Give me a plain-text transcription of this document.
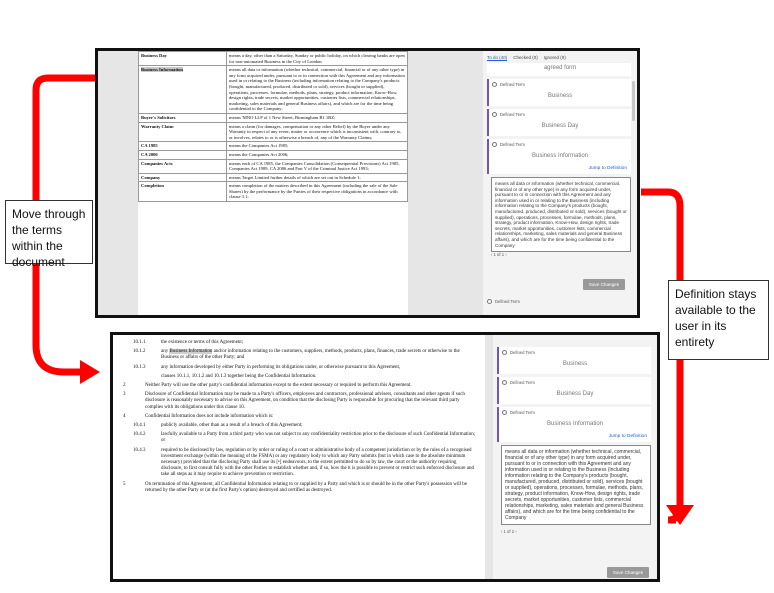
Move through the terms within the document
Definition stays available to the user in its entirety
Business Day	means a day, other than a Saturday, Sunday or public holiday, on which clearing banks are open for non-automated Business in the City of London.
Business Information	means all data or information (whether technical, commercial, financial or of any other type) in any form acquired under, pursuant to or in connection with this Agreement and any information used in or relating to the Business (including information relating to the Company's products (bought, manufactured, produced, distributed or sold), services (bought or supplied), operations, processes, formulae, methods, plans, strategy, product information, Know-How, design rights, trade secrets, market opportunities, customer lists, commercial relationships, marketing, sales materials and general Business affairs), and which are for the time being confidential to the Company;
Buyer's Solicitors	means 'MNO LLP of 1 New Street, Birmingham B1 1BZ;
Warranty Claim	means a claim (for damages, compensation or any other Relief) by the Buyer under any Warranty in respect of any event, matter or occurrence which is inconsistent with, contrary to, or involves, relates to or is otherwise a breach of, any of the Warranty Claims;
CA 1985	means the Companies Act 1985;
CA 2006	means the Companies Act 2006;
Companies Acts	means each of CA 1985, the Companies Consolidation (Consequential Provisions) Act 1985, Companies Act 1989, CA 2006 and Part V of the Criminal Justice Act 1993;
Company	means Target Limited further details of which are set out in Schedule 1;
Completion	means completion of the matters described in this Agreement (including the sale of the Sale Shares) by the performance by the Parties of their respective obligations in accordance with clause 3.1;
To do (40) Checked (0) Ignored (0)
agreed form
Defined Term
Business
Defined Term
Business Day
Defined Term
Business Information
Jump to Definition
means all data or information (whether technical, commercial, financial or of any other type) in any form acquired under, pursuant to or in connection with this Agreement and any information used in or relating to the Business (including information relating to the Company's products (bought, manufactured, produced, distributed or sold), services (bought or supplied), operations, processes, formulae, methods, plans, strategy, product information, Know-How, design rights, trade secrets, market opportunities, customer lists, commercial relationships, marketing, sales materials and general Business affairs), and which are for the time being confidential to the Company
‹ 1 of 1 ›
Save Changes
Defined Term
10.1.1	the existence or terms of this Agreement;
10.1.2	any Business Information and/or information relating to the customers, suppliers, methods, products, plans, finances, trade secrets or otherwise to the Business or affairs of the other Party; and
10.1.3	any information developed by either Party in performing its obligations under, or otherwise pursuant to this Agreement,
clauses 10.1.1, 10.1.2 and 10.1.3 together being the Confidential Information.
2	Neither Party will use the other party's confidential information except to the extent necessary or required to perform this Agreement.
3	Disclosure of Confidential Information may be made to a Party's officers, employees and contractors, professional advisers, consultants and other agents if such disclosure is reasonably necessary to advise on this Agreement, on condition that the disclosing Party is responsible for procuring that the relevant third party complies with its obligations under this clause 10.
4	Confidential Information does not include information which is:
10.4.1	publicly available, other than as a result of a breach of this Agreement;
10.4.2	lawfully available to a Party from a third party who was not subject to any confidentiality restriction prior to the disclosure of such Confidential Information; or
10.4.3	required to be disclosed by law, regulation or by order or ruling of a court or administrative body of a competent jurisdiction or by the rules of a recognised investment exchange (within the meaning of the FSMA) or any regulatory body to which any Party submits (but in which case to the absolute minimum necessary) provided that the disclosing Party shall use its [•] endeavours, to the extent permitted to do so by law, the court or the authority requiring disclosure, to first consult fully with the other Parties to establish whether and, if so, how the it is possible to prevent or restrict such enforced disclosure and take all steps as it may require to achieve prevention or restriction.
5	On termination of this Agreement, all Confidential Information relating to or supplied by a Party and which is or should be in the other Party's possession will be returned by the other Party or (at the first Party's option) destroyed and certified as destroyed.
Defined Term
Business
Defined Term
Business Day
Defined Term
Business Information
Jump to Definition
means all data or information (whether technical, commercial, financial or of any other type) in any form acquired under, pursuant to or in connection with this Agreement and any information used in or relating to the Business (including information relating to the Company's products (bought, manufactured, produced, distributed or sold), services (bought or supplied), operations, processes, formulae, methods, plans, strategy, product information, Know-How, design rights, trade secrets, market opportunities, customer lists, commercial relationships, marketing, sales materials and general Business affairs), and which are for the time being confidential to the Company
‹ 1 of 2 ›
Save Changes
